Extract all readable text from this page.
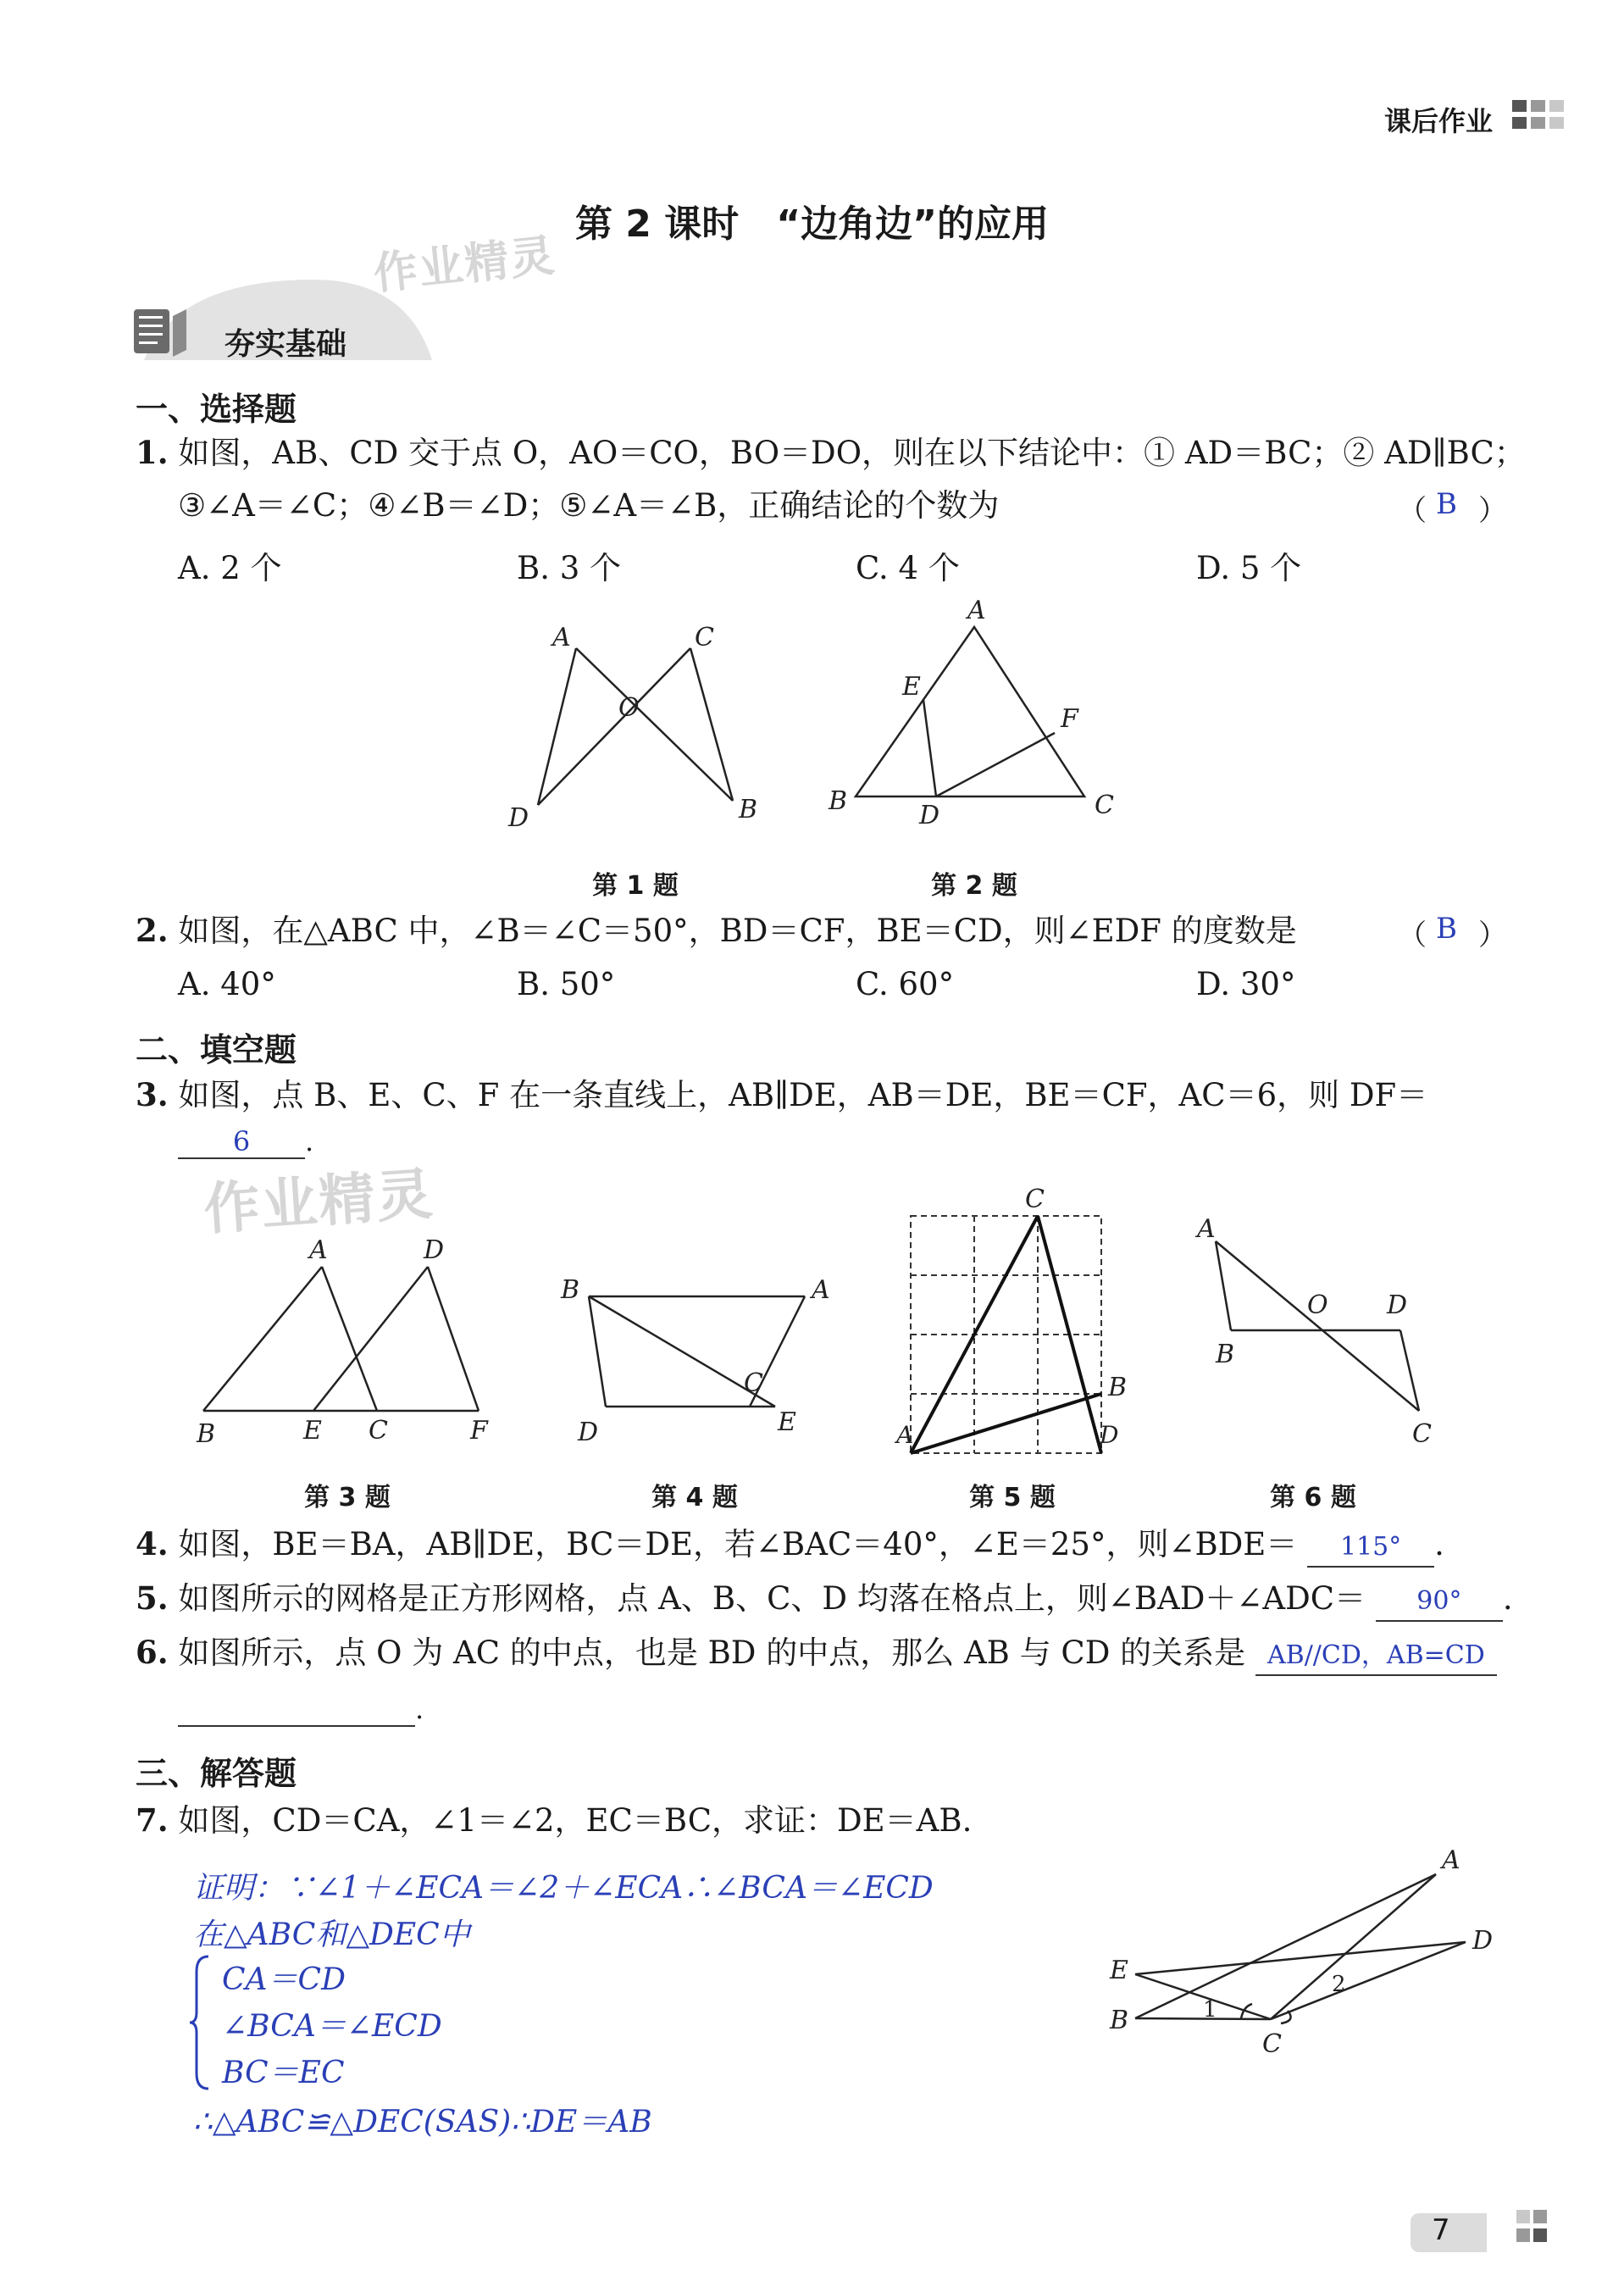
课后作业
第 2 课时　“边角边”的应用
作业精灵
夯实基础
一、选择题
1. 如图，AB、CD 交于点 O，AO＝CO，BO＝DO，则在以下结论中：① AD＝BC；② AD∥BC；
③∠A＝∠C；④∠B＝∠D；⑤∠A＝∠B，正确结论的个数为	（ B ）
A. 2 个	B. 3 个	C. 4 个	D. 5 个
A	C
O
D	B
第 1 题
A
E
F
B	D	C
第 2 题
2. 如图，在△ABC 中，∠B＝∠C＝50°，BD＝CF，BE＝CD，则∠EDF 的度数是	（ B ）
A. 40°	B. 50°	C. 60°	D. 30°
二、填空题
3. 如图，点 B、E、C、F 在一条直线上，AB∥DE，AB＝DE，BE＝CF，AC＝6，则 DF＝
6 .
作业精灵
A	D
B	E C	F
第 3 题
B	A
C
E
D
第 4 题
C
B
A	D
第 5 题
A
O D
B
C
第 6 题
4. 如图，BE＝BA，AB∥DE，BC＝DE，若∠BAC＝40°，∠E＝25°，则∠BDE＝ 115° .
5. 如图所示的网格是正方形网格，点 A、B、C、D 均落在格点上，则∠BAD＋∠ADC＝ 90° .
6. 如图所示，点 O 为 AC 的中点，也是 BD 的中点，那么 AB 与 CD 的关系是 AB//CD，AB=CD
.
三、解答题
7. 如图，CD＝CA，∠1＝∠2，EC＝BC，求证：DE＝AB.
证明：∵∠1＋∠ECA＝∠2＋∠ECA∴∠BCA＝∠ECD
在△ABC和△DEC中
CA＝CD
∠BCA＝∠ECD
BC＝EC
∴△ABC≌△DEC(SAS)∴DE＝AB
A
D
E
B
C
1
2
7
